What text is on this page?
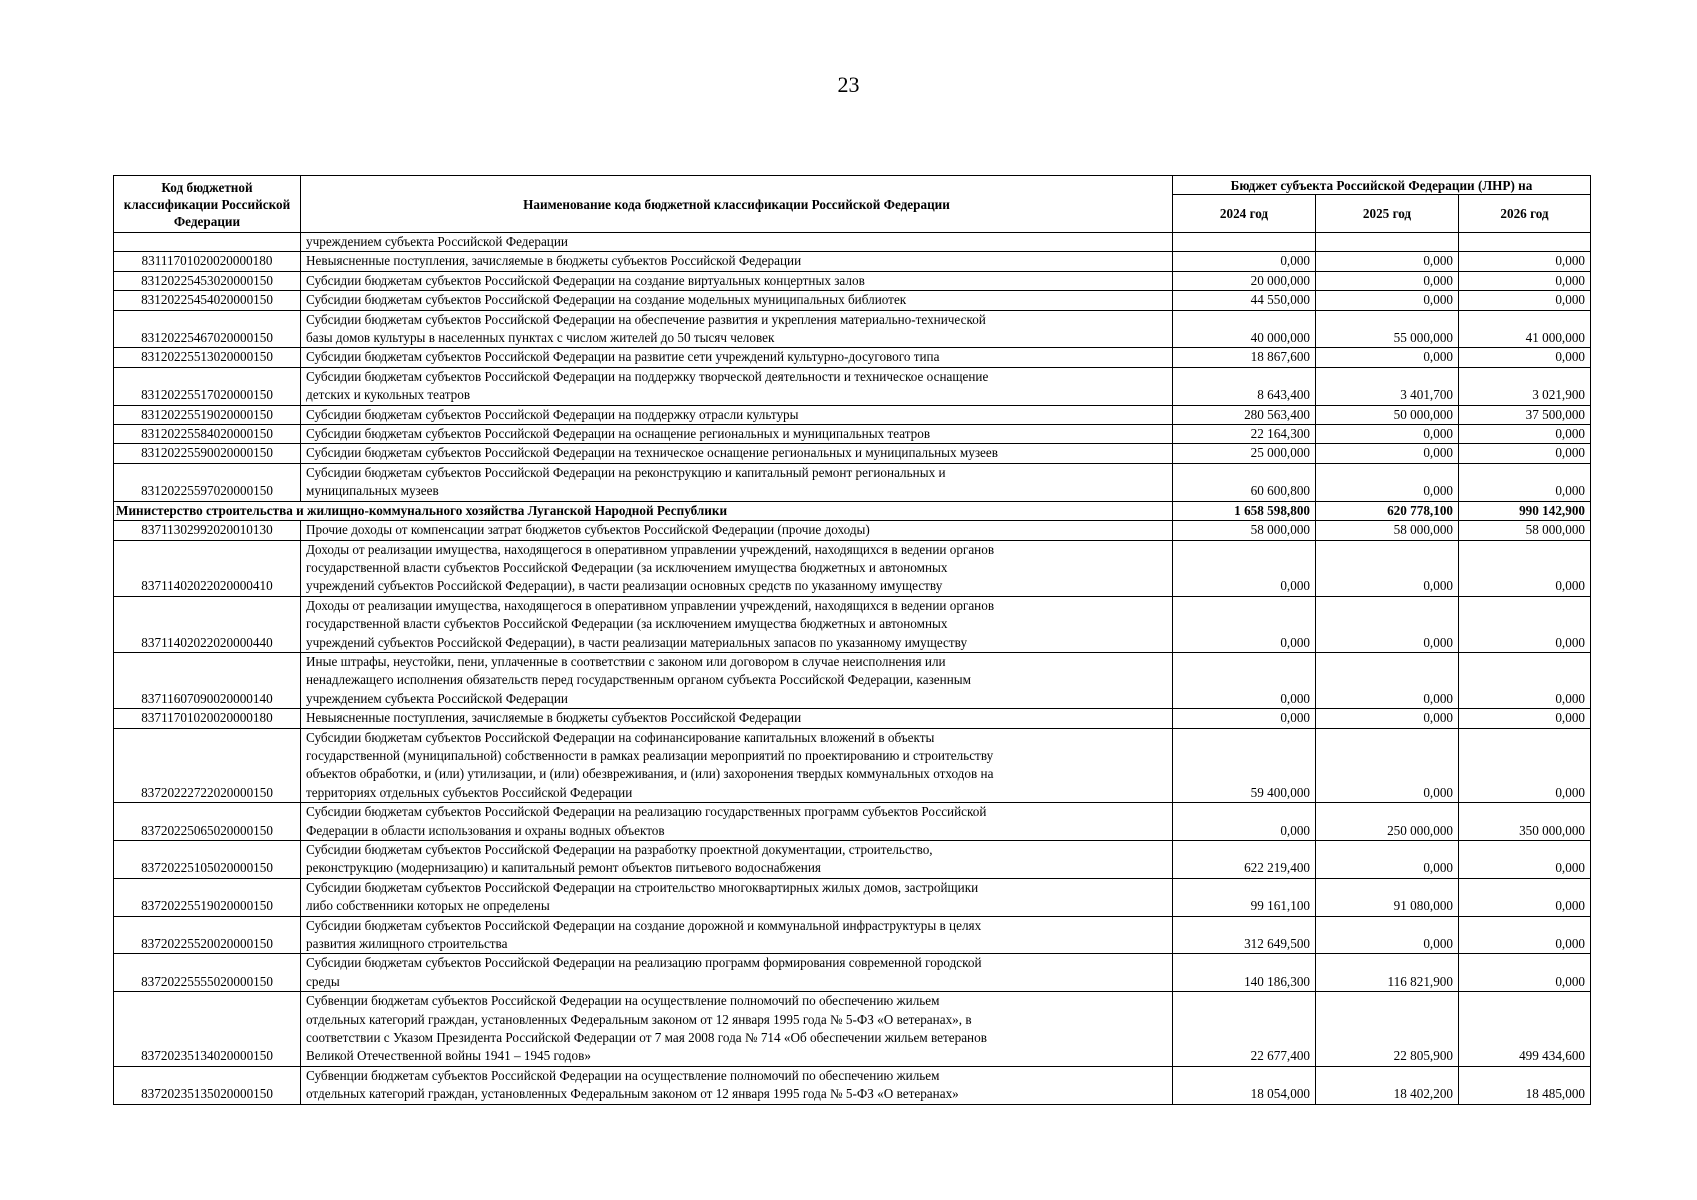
23
Код бюджетной классификации Российской Федерации	Наименование кода бюджетной классификации Российской Федерации	Бюджет субъекта Российской Федерации (ЛНР) на		
		2024 год	2025 год	2026 год
	учреждением субъекта Российской Федерации			
83111701020020000180	Невыясненные поступления, зачисляемые в бюджеты субъектов Российской Федерации	0,000	0,000	0,000
83120225453020000150	Субсидии бюджетам субъектов Российской Федерации на создание виртуальных концертных залов	20 000,000	0,000	0,000
83120225454020000150	Субсидии бюджетам субъектов Российской Федерации на создание модельных муниципальных библиотек	44 550,000	0,000	0,000
83120225467020000150	Субсидии бюджетам субъектов Российской Федерации на обеспечение развития и укрепления материально-технической
базы домов культуры в населенных пунктах с числом жителей до 50 тысяч человек	40 000,000	55 000,000	41 000,000
83120225513020000150	Субсидии бюджетам субъектов Российской Федерации на развитие сети учреждений культурно-досугового типа	18 867,600	0,000	0,000
83120225517020000150	Субсидии бюджетам субъектов Российской Федерации на поддержку творческой деятельности и техническое оснащение
детских и кукольных театров	8 643,400	3 401,700	3 021,900
83120225519020000150	Субсидии бюджетам субъектов Российской Федерации на поддержку отрасли культуры	280 563,400	50 000,000	37 500,000
83120225584020000150	Субсидии бюджетам субъектов Российской Федерации на оснащение региональных и муниципальных театров	22 164,300	0,000	0,000
83120225590020000150	Субсидии бюджетам субъектов Российской Федерации на техническое оснащение региональных и муниципальных музеев	25 000,000	0,000	0,000
83120225597020000150	Субсидии бюджетам субъектов Российской Федерации на реконструкцию и капитальный ремонт региональных и
муниципальных музеев	60 600,800	0,000	0,000
Министерство строительства и жилищно-коммунального хозяйства Луганской Народной Республики		1 658 598,800	620 778,100	990 142,900
83711302992020010130	Прочие доходы от компенсации затрат бюджетов субъектов Российской Федерации (прочие доходы)	58 000,000	58 000,000	58 000,000
83711402022020000410	Доходы от реализации имущества, находящегося в оперативном управлении учреждений, находящихся в ведении органов
государственной власти субъектов Российской Федерации (за исключением имущества бюджетных и автономных
учреждений субъектов Российской Федерации), в части реализации основных средств по указанному имуществу	0,000	0,000	0,000
83711402022020000440	Доходы от реализации имущества, находящегося в оперативном управлении учреждений, находящихся в ведении органов
государственной власти субъектов Российской Федерации (за исключением имущества бюджетных и автономных
учреждений субъектов Российской Федерации), в части реализации материальных запасов по указанному имуществу	0,000	0,000	0,000
83711607090020000140	Иные штрафы, неустойки, пени, уплаченные в соответствии с законом или договором в случае неисполнения или
ненадлежащего исполнения обязательств перед государственным органом субъекта Российской Федерации, казенным
учреждением субъекта Российской Федерации	0,000	0,000	0,000
83711701020020000180	Невыясненные поступления, зачисляемые в бюджеты субъектов Российской Федерации	0,000	0,000	0,000
83720222722020000150	Субсидии бюджетам субъектов Российской Федерации на софинансирование капитальных вложений в объекты
государственной (муниципальной) собственности в рамках реализации мероприятий по проектированию и строительству
объектов обработки, и (или) утилизации, и (или) обезвреживания, и (или) захоронения твердых коммунальных отходов на
территориях отдельных субъектов Российской Федерации	59 400,000	0,000	0,000
83720225065020000150	Субсидии бюджетам субъектов Российской Федерации на реализацию государственных программ субъектов Российской
Федерации в области использования и охраны водных объектов	0,000	250 000,000	350 000,000
83720225105020000150	Субсидии бюджетам субъектов Российской Федерации на разработку проектной документации, строительство,
реконструкцию (модернизацию) и капитальный ремонт объектов питьевого водоснабжения	622 219,400	0,000	0,000
83720225519020000150	Субсидии бюджетам субъектов Российской Федерации на строительство многоквартирных жилых домов, застройщики
либо собственники которых не определены	99 161,100	91 080,000	0,000
83720225520020000150	Субсидии бюджетам субъектов Российской Федерации на создание дорожной и коммунальной инфраструктуры в целях
развития жилищного строительства	312 649,500	0,000	0,000
83720225555020000150	Субсидии бюджетам субъектов Российской Федерации на реализацию программ формирования современной городской
среды	140 186,300	116 821,900	0,000
83720235134020000150	Субвенции бюджетам субъектов Российской Федерации на осуществление полномочий по обеспечению жильем
отдельных категорий граждан, установленных Федеральным законом от 12 января 1995 года № 5-ФЗ «О ветеранах», в
соответствии с Указом Президента Российской Федерации от 7 мая 2008 года № 714 «Об обеспечении жильем ветеранов
Великой Отечественной войны 1941 – 1945 годов»	22 677,400	22 805,900	499 434,600
83720235135020000150	Субвенции бюджетам субъектов Российской Федерации на осуществление полномочий по обеспечению жильем
отдельных категорий граждан, установленных Федеральным законом от 12 января 1995 года № 5-ФЗ «О ветеранах»	18 054,000	18 402,200	18 485,000
